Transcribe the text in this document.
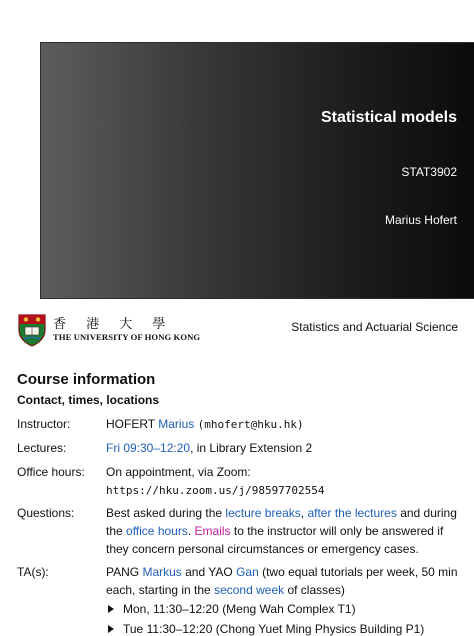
Statistical models
STAT3902
Marius Hofert
香 港 大 學
THE UNIVERSITY OF HONG KONG
Statistics and Actuarial Science
Course information
Contact, times, locations
Instructor:	HOFERT Marius (mhofert@hku.hk)
Lectures:	Fri 09:30–12:20, in Library Extension 2
Office hours: On appointment, via Zoom:
https://hku.zoom.us/j/98597702554
Questions:	Best asked during the lecture breaks, after the lectures and during
the office hours. Emails to the instructor will only be answered if
they concern personal circumstances or emergency cases.
TA(s):	PANG Markus and YAO Gan (two equal tutorials per week, 50 min
each, starting in the second week of classes)
Mon, 11:30–12:20 (Meng Wah Complex T1)
Tue 11:30–12:20 (Chong Yuet Ming Physics Building P1)
